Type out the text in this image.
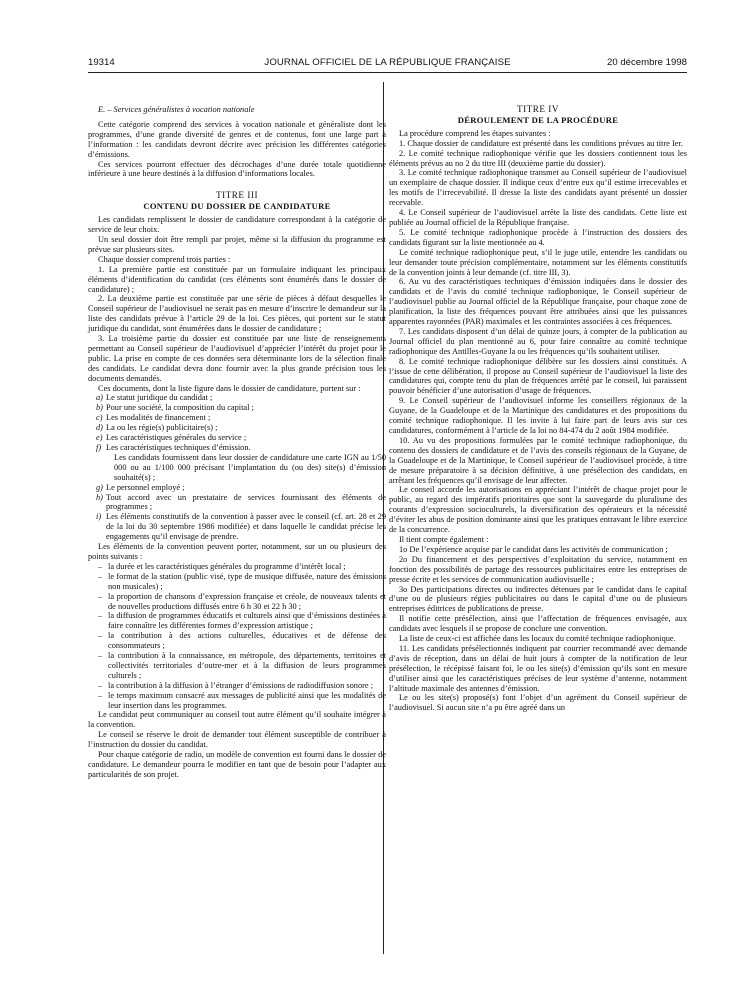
19314	JOURNAL OFFICIEL DE LA RÉPUBLIQUE FRANÇAISE	20 décembre 1998
E. – Services généralistes à vocation nationale

Cette catégorie comprend des services à vocation nationale et généraliste dont les programmes, d’une grande diversité de genres et de contenus, font une large part à l’information : les candidats devront décrire avec précision les différentes catégories d’émissions.

Ces services pourront effectuer des décrochages d’une durée totale quotidienne inférieure à une heure destinés à la diffusion d’informations locales.

TITRE III
CONTENU DU DOSSIER DE CANDIDATURE

Les candidats remplissent le dossier de candidature correspondant à la catégorie de service de leur choix.

Un seul dossier doit être rempli par projet, même si la diffusion du programme est prévue sur plusieurs sites.

Chaque dossier comprend trois parties :

1. La première partie est constituée par un formulaire indiquant les principaux éléments d’identification du candidat (ces éléments sont énumérés dans le dossier de candidature) ;

2. La deuxième partie est constituée par une série de pièces à défaut desquelles le Conseil supérieur de l’audiovisuel ne serait pas en mesure d’inscrire le demandeur sur la liste des candidats prévue à l’article 29 de la loi. Ces pièces, qui portent sur le statut juridique du candidat, sont énumérées dans le dossier de candidature ;

3. La troisième partie du dossier est constituée par une liste de renseignements permettant au Conseil supérieur de l’audiovisuel d’apprécier l’intérêt du projet pour le public. La prise en compte de ces données sera déterminante lors de la sélection finale des candidats. Le candidat devra donc fournir avec la plus grande précision tous les documents demandés.

Ces documents, dont la liste figure dans le dossier de candidature, portent sur :

a) Le statut juridique du candidat ;

b) Pour une société, la composition du capital ;

c) Les modalités de financement ;

d) La ou les régie(s) publicitaire(s) ;

e) Les caractéristiques générales du service ;

f) Les caractéristiques techniques d’émission.

Les candidats fournissent dans leur dossier de candidature une carte IGN au 1/50 000 ou au 1/100 000 précisant l’implantation du (ou des) site(s) d’émission souhaité(s) ;

g) Le personnel employé ;

h) Tout accord avec un prestataire de services fournissant des éléments de programmes ;

i) Les éléments constitutifs de la convention à passer avec le conseil (cf. art. 28 et 29 de la loi du 30 septembre 1986 modifiée) et dans laquelle le candidat précise les engagements qu’il envisage de prendre.

Les éléments de la convention peuvent porter, notamment, sur un ou plusieurs des points suivants :

– la durée et les caractéristiques générales du programme d’intérêt local ;

– le format de la station (public visé, type de musique diffusée, nature des émissions non musicales) ;

– la proportion de chansons d’expression française et créole, de nouveaux talents et de nouvelles productions diffusés entre 6 h 30 et 22 h 30 ;

– la diffusion de programmes éducatifs et culturels ainsi que d’émissions destinées à faire connaître les différentes formes d’expression artistique ;

– la contribution à des actions culturelles, éducatives et de défense des consommateurs ;

– la contribution à la connaissance, en métropole, des départements, territoires et collectivités territoriales d’outre-mer et à la diffusion de leurs programmes culturels ;

– la contribution à la diffusion à l’étranger d’émissions de radiodiffusion sonore ;

– le temps maximum consacré aux messages de publicité ainsi que les modalités de leur insertion dans les programmes.

Le candidat peut communiquer au conseil tout autre élément qu’il souhaite intégrer à la convention.

Le conseil se réserve le droit de demander tout élément susceptible de contribuer à l’instruction du dossier du candidat.

Pour chaque catégorie de radio, un modèle de convention est fourni dans le dossier de candidature. Le demandeur pourra le modifier en tant que de besoin pour l’adapter aux particularités de son projet.

TITRE IV
DÉROULEMENT DE LA PROCÉDURE

La procédure comprend les étapes suivantes :

1. Chaque dossier de candidature est présenté dans les conditions prévues au titre Ier.

2. Le comité technique radiophonique vérifie que les dossiers contiennent tous les éléments prévus au no 2 du titre III (deuxième partie du dossier).

3. Le comité technique radiophonique transmet au Conseil supérieur de l’audiovisuel un exemplaire de chaque dossier. Il indique ceux d’entre eux qu’il estime irrecevables et les motifs de l’irrecevabilité. Il dresse la liste des candidats ayant présenté un dossier recevable.

4. Le Conseil supérieur de l’audiovisuel arrête la liste des candidats. Cette liste est publiée au Journal officiel de la République française.

5. Le comité technique radiophonique procède à l’instruction des dossiers des candidats figurant sur la liste mentionnée au 4.

Le comité technique radiophonique peut, s’il le juge utile, entendre les candidats ou leur demander toute précision complémentaire, notamment sur les éléments constitutifs de la convention joints à leur demande (cf. titre III, 3).

6. Au vu des caractéristiques techniques d’émission indiquées dans le dossier des candidats et de l’avis du comité technique radiophonique, le Conseil supérieur de l’audiovisuel publie au Journal officiel de la République française, pour chaque zone de planification, la liste des fréquences pouvant être attribuées ainsi que les puissances apparentes rayonnées (PAR) maximales et les contraintes associées à ces fréquences.

7. Les candidats disposent d’un délai de quinze jours, à compter de la publication au Journal officiel du plan mentionné au 6, pour faire connaître au comité technique radiophonique des Antilles-Guyane la ou les fréquences qu’ils souhaitent utiliser.

8. Le comité technique radiophonique délibère sur les dossiers ainsi constitués. A l’issue de cette délibération, il propose au Conseil supérieur de l’audiovisuel la liste des candidatures qui, compte tenu du plan de fréquences arrêté par le conseil, lui paraissent pouvoir bénéficier d’une autorisation d’usage de fréquences.

9. Le Conseil supérieur de l’audiovisuel informe les conseillers régionaux de la Guyane, de la Guadeloupe et de la Martinique des candidatures et des propositions du comité technique radiophonique. Il les invite à lui faire part de leurs avis sur ces candidatures, conformément à l’article de la loi no 84-474 du 2 août 1984 modifiée.

10. Au vu des propositions formulées par le comité technique radiophonique, du contenu des dossiers de candidature et de l’avis des conseils régionaux de la Guyane, de la Guadeloupe et de la Martinique, le Conseil supérieur de l’audiovisuel procède, à titre de mesure préparatoire à sa décision définitive, à une présélection des candidats, en arrêtant les fréquences qu’il envisage de leur affecter.

Le conseil accorde les autorisations en appréciant l’intérêt de chaque projet pour le public, au regard des impératifs prioritaires que sont la sauvegarde du pluralisme des courants d’expression socioculturels, la diversification des opérateurs et la nécessité d’éviter les abus de position dominante ainsi que les pratiques entravant le libre exercice de la concurrence.

Il tient compte également :

1o De l’expérience acquise par le candidat dans les activités de communication ;

2o Du financement et des perspectives d’exploitation du service, notamment en fonction des possibilités de partage des ressources publicitaires entre les entreprises de presse écrite et les services de communication audiovisuelle ;

3o Des participations directes ou indirectes détenues par le candidat dans le capital d’une ou de plusieurs régies publicitaires ou dans le capital d’une ou de plusieurs entreprises éditrices de publications de presse.

Il notifie cette présélection, ainsi que l’affectation de fréquences envisagée, aux candidats avec lesquels il se propose de conclure une convention.

La liste de ceux-ci est affichée dans les locaux du comité technique radiophonique.

11. Les candidats présélectionnés indiquent par courrier recommandé avec demande d’avis de réception, dans un délai de huit jours à compter de la notification de leur présélection, le récépissé faisant foi, le ou les site(s) d’émission qu’ils sont en mesure d’utiliser ainsi que les caractéristiques précises de leur système d’antenne, notamment l’altitude maximale des antennes d’émission.

Le ou les site(s) proposé(s) font l’objet d’un agrément du Conseil supérieur de l’audiovisuel. Si aucun site n’a pu être agréé dans un
